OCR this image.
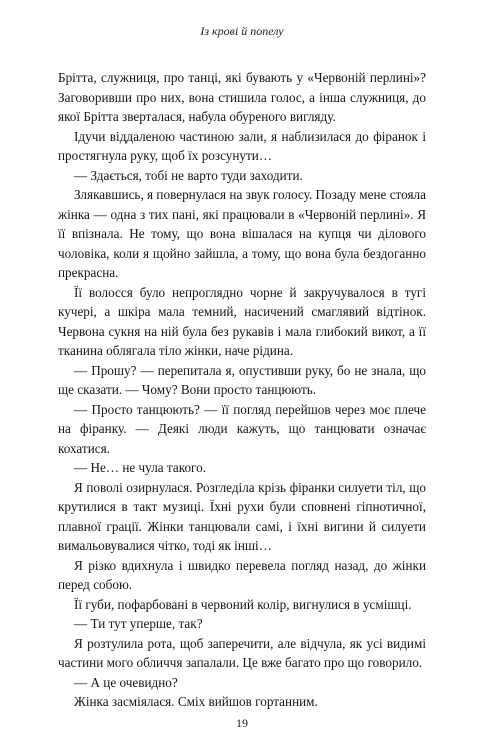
Із крові й попелу

Брітта, служниця, про танці, які бувають у «Червоній перлині»? Заговоривши про них, вона стишила голос, а інша служниця, до якої Брітта зверталася, набула обуреного вигляду.

Ідучи віддаленою частиною зали, я наблизилася до фіранок і простягнула руку, щоб їх розсунути…

— Здається, тобі не варто туди заходити.

Злякавшись, я повернулася на звук голосу. Позаду мене стояла жінка — одна з тих пані, які працювали в «Червоній перлині». Я її впізнала. Не тому, що вона вішалася на купця чи ділового чоловіка, коли я щойно зайшла, а тому, що вона була бездоганно прекрасна.

Її волосся було непроглядно чорне й закручувалося в тугі кучері, а шкіра мала темний, насичений смаглявий відтінок. Червона сукня на ній була без рукавів і мала глибокий викот, а її тканина облягала тіло жінки, наче рідина.

— Прошу? — перепитала я, опустивши руку, бо не знала, що ще сказати. — Чому? Вони просто танцюють.

— Просто танцюють? — її погляд перейшов через моє плече на фіранку. — Деякі люди кажуть, що танцювати означає кохатися.

— Не… не чула такого.

Я поволі озирнулася. Розгледіла крізь фіранки силуети тіл, що крутилися в такт музиці. Їхні рухи були сповнені гіпнотичної, плавної грації. Жінки танцювали самі, і їхні вигини й силуети вимальовувалися чітко, тоді як інші…

Я різко вдихнула і швидко перевела погляд назад, до жінки перед собою.

Її губи, пофарбовані в червоний колір, вигнулися в усмішці.

— Ти тут уперше, так?

Я розтулила рота, щоб заперечити, але відчула, як усі видимі частини мого обличчя запалали. Це вже багато про що говорило.

— А це очевидно?

Жінка засміялася. Сміх вийшов гортанним.

19
